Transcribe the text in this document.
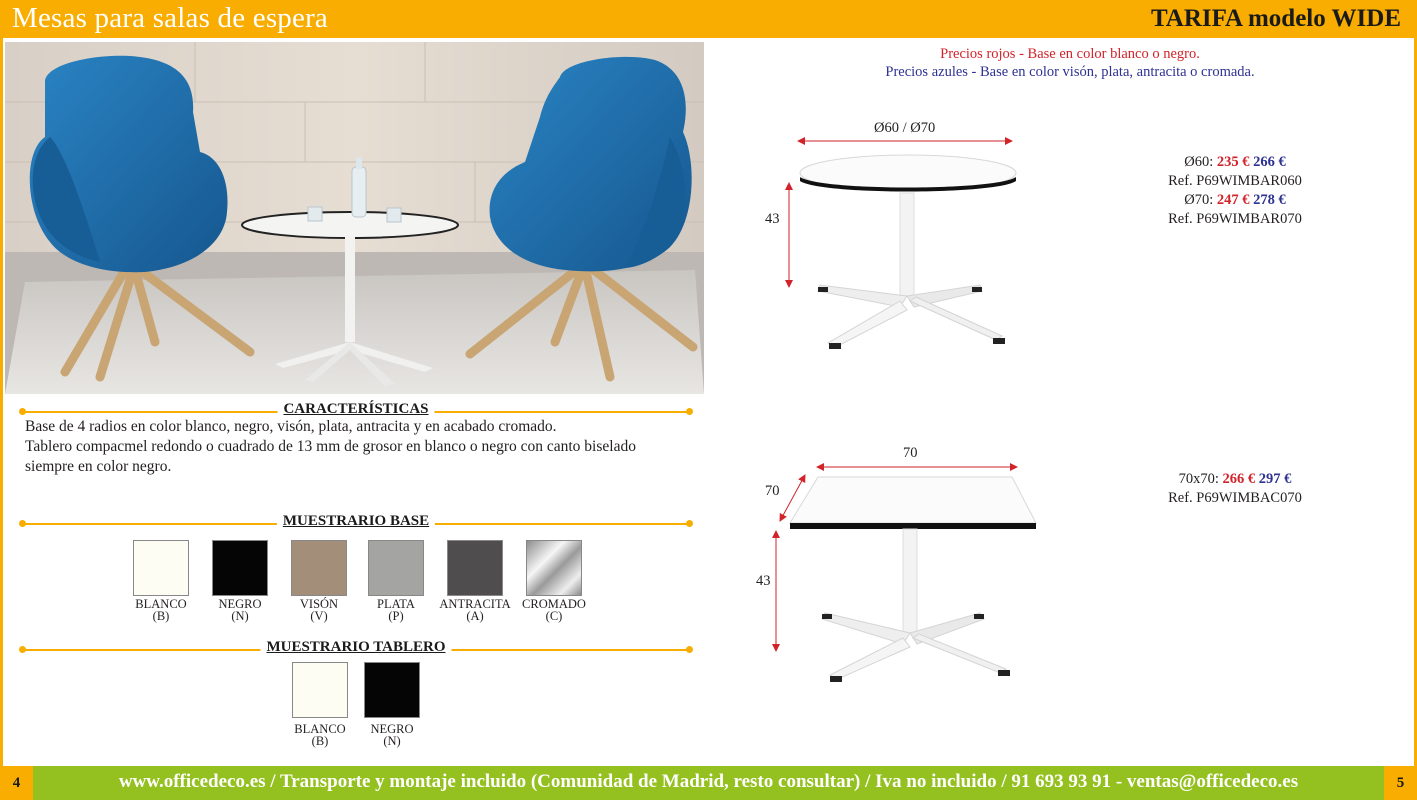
Mesas para salas de espera	TARIFA modelo WIDE
CARACTERÍSTICAS
Base de 4 radios en color blanco, negro, visón, plata, antracita y en acabado cromado.
Tablero compacmel redondo o cuadrado de 13 mm de grosor en blanco o negro con canto biselado
siempre en color negro.
MUESTRARIO BASE
BLANCO
(B)
NEGRO
(N)
VISÓN
(V)
PLATA
(P)
ANTRACITA
(A)
CROMADO
(C)
MUESTRARIO TABLERO
BLANCO
(B)
NEGRO
(N)
Precios rojos - Base en color blanco o negro.
Precios azules - Base en color visón, plata, antracita o cromada.
Ø60 / Ø70
43
Ø60: 235 € 266 €
Ref. P69WIMBAR060
Ø70: 247 € 278 €
Ref. P69WIMBAR070
70
70
43
70x70: 266 € 297 €
Ref. P69WIMBAC070
4	www.officedeco.es / Transporte y montaje incluido (Comunidad de Madrid, resto consultar) / Iva no incluido / 91 693 93 91 - ventas@officedeco.es	5
